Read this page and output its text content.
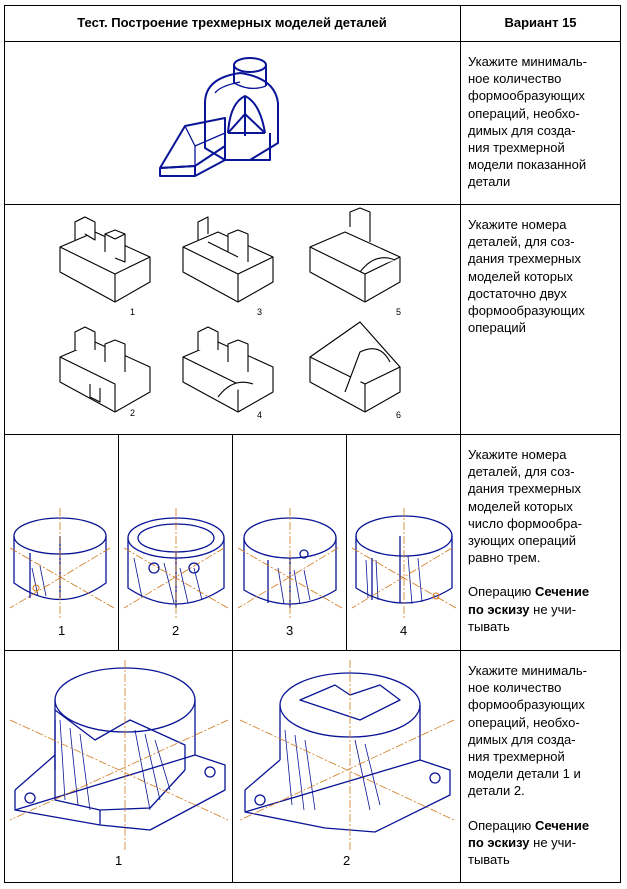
Тест. Построение трехмерных моделей деталей	Вариант 15

Укажите минималь-

ное количество

формообразующих

операций, необхо-

димых для созда-

ния трехмерной

модели показанной

детали

Укажите номера

деталей, для соз-

дания трехмерных

моделей которых

достаточно двух

формообразующих

операций

1	3	5
2	4	6

Укажите номера

деталей, для соз-

дания трехмерных

моделей которых

число формообра-

зующих операций

равно трем.

Операцию Сечение

по эскизу не учи-

тывать

1	2	3	4

Укажите минималь-

ное количество

формообразующих

операций, необхо-

димых для созда-

ния трехмерной

модели детали 1 и

детали 2.

Операцию Сечение

по эскизу не учи-

тывать

1	2
